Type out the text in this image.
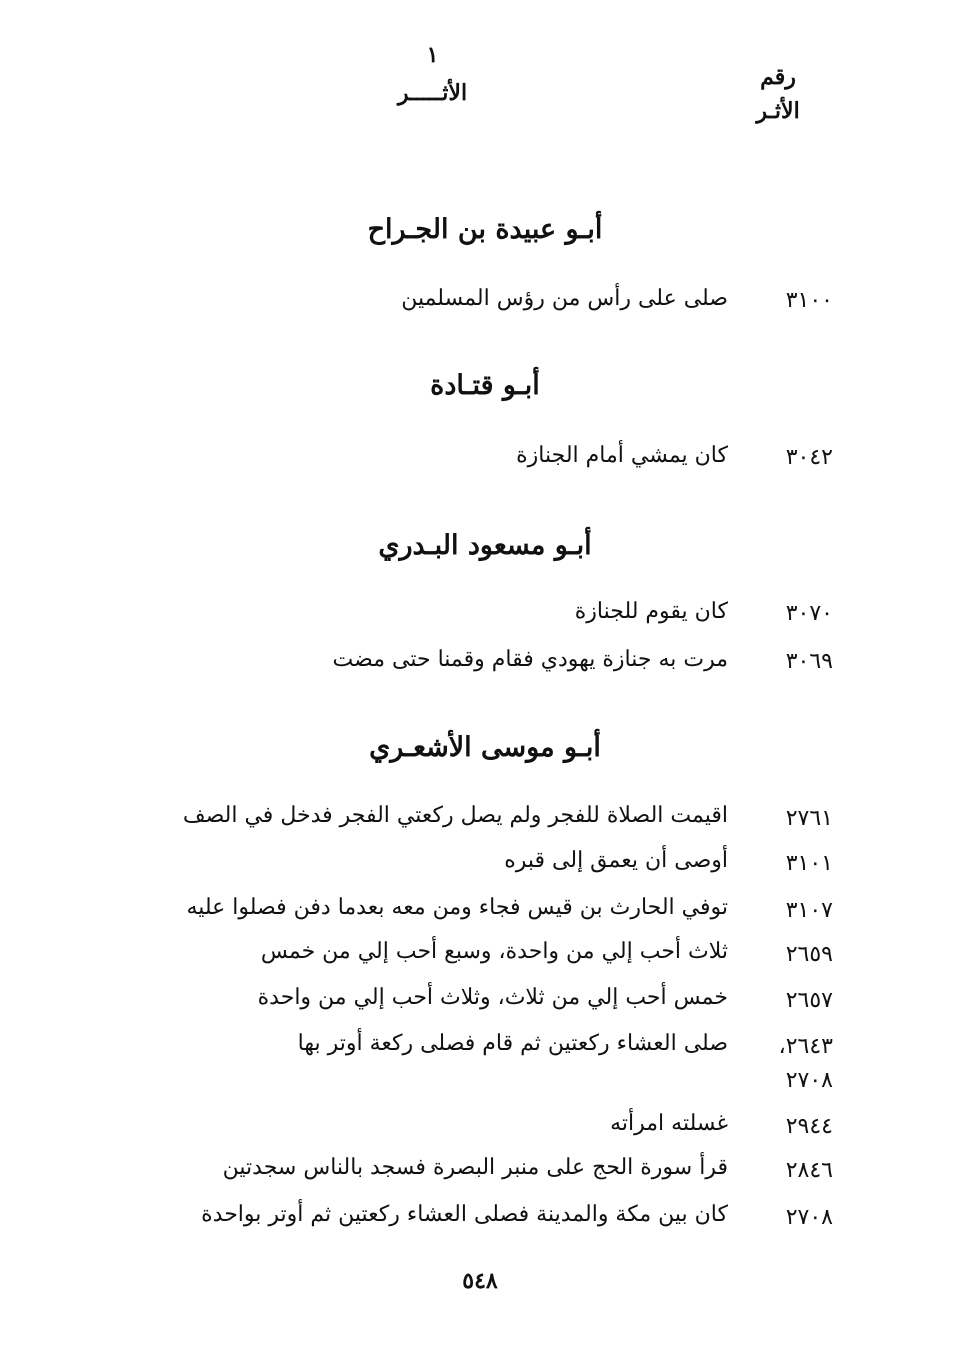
رقم
الأثـر
١
الأثـــــر
أبـو عبيدة بن الجـراح
٣١٠٠
صلى على رأس من رؤس المسلمين
أبـو قتـادة
٣٠٤٢
كان يمشي أمام الجنازة
أبـو مسعود البـدري
٣٠٧٠
كان يقوم للجنازة
٣٠٦٩
مرت به جنازة يهودي فقام وقمنا حتى مضت
أبـو موسى الأشعـري
٢٧٦١
اقيمت الصلاة للفجر ولم يصل ركعتي الفجر فدخل في الصف
٣١٠١
أوصى أن يعمق إلى قبره
٣١٠٧
توفي الحارث بن قيس فجاء ومن معه بعدما دفن فصلوا عليه
٢٦٥٩
ثلاث أحب إلي من واحدة، وسبع أحب إلي من خمس
٢٦٥٧
خمس أحب إلي من ثلاث، وثلاث أحب إلي من واحدة
٢٦٤٣،
صلى العشاء ركعتين ثم قام فصلى ركعة أوتر بها
٢٧٠٨
٢٩٤٤
غسلته امرأته
٢٨٤٦
قرأ سورة الحج على منبر البصرة فسجد بالناس سجدتين
٢٧٠٨
كان بين مكة والمدينة فصلى العشاء ركعتين ثم أوتر بواحدة
٥٤٨
